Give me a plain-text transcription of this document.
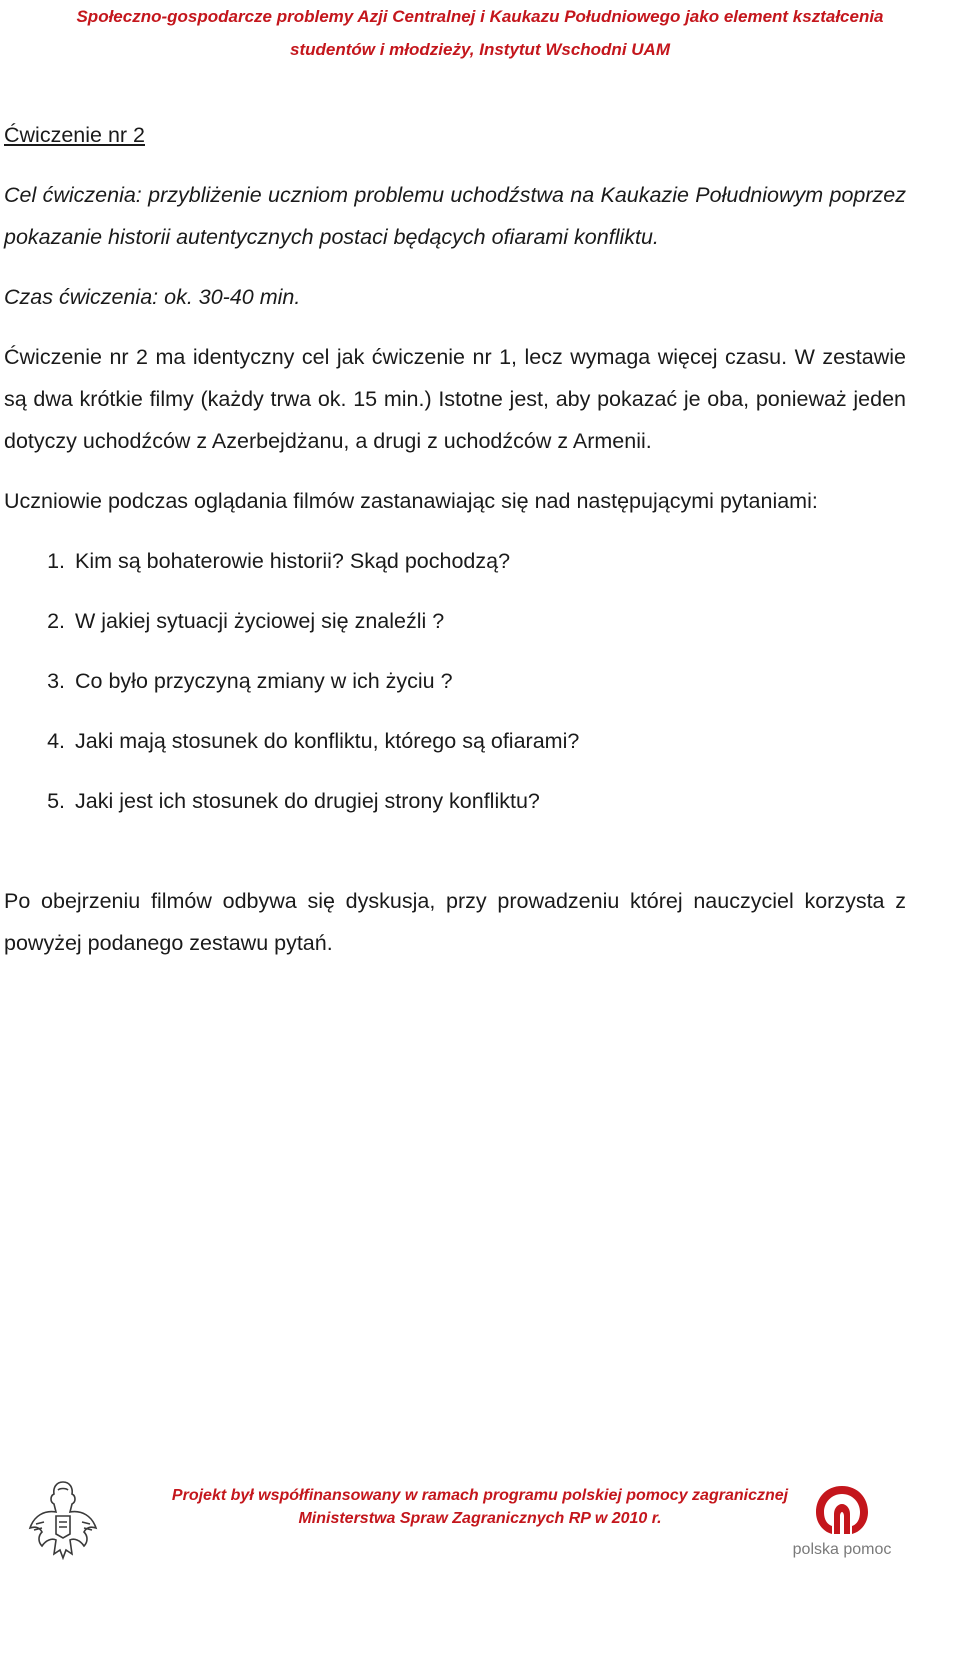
Społeczno-gospodarcze problemy Azji Centralnej i Kaukazu Południowego jako element kształcenia
studentów i młodzieży, Instytut Wschodni UAM

Ćwiczenie nr 2

Cel ćwiczenia: przybliżenie uczniom problemu uchodźstwa na Kaukazie Południowym poprzez pokazanie historii autentycznych postaci będących ofiarami konfliktu.

Czas ćwiczenia: ok. 30-40 min.

Ćwiczenie nr 2 ma identyczny cel jak ćwiczenie nr 1, lecz wymaga więcej czasu. W zestawie są dwa krótkie filmy (każdy trwa ok. 15 min.) Istotne jest, aby pokazać je oba, ponieważ jeden dotyczy uchodźców z Azerbejdżanu, a drugi z uchodźców z Armenii.

Uczniowie podczas oglądania filmów zastanawiając się nad następującymi pytaniami:

1. Kim są bohaterowie historii? Skąd pochodzą?
2. W jakiej sytuacji życiowej się znaleźli ?
3. Co było przyczyną zmiany w ich życiu ?
4. Jaki mają stosunek do konfliktu, którego są ofiarami?
5. Jaki jest ich stosunek do drugiej strony konfliktu?

Po obejrzeniu filmów odbywa się dyskusja, przy prowadzeniu której nauczyciel korzysta z powyżej podanego zestawu pytań.

Projekt był współfinansowany w ramach programu polskiej pomocy zagranicznej
Ministerstwa Spraw Zagranicznych RP w 2010 r.
polska pomoc
